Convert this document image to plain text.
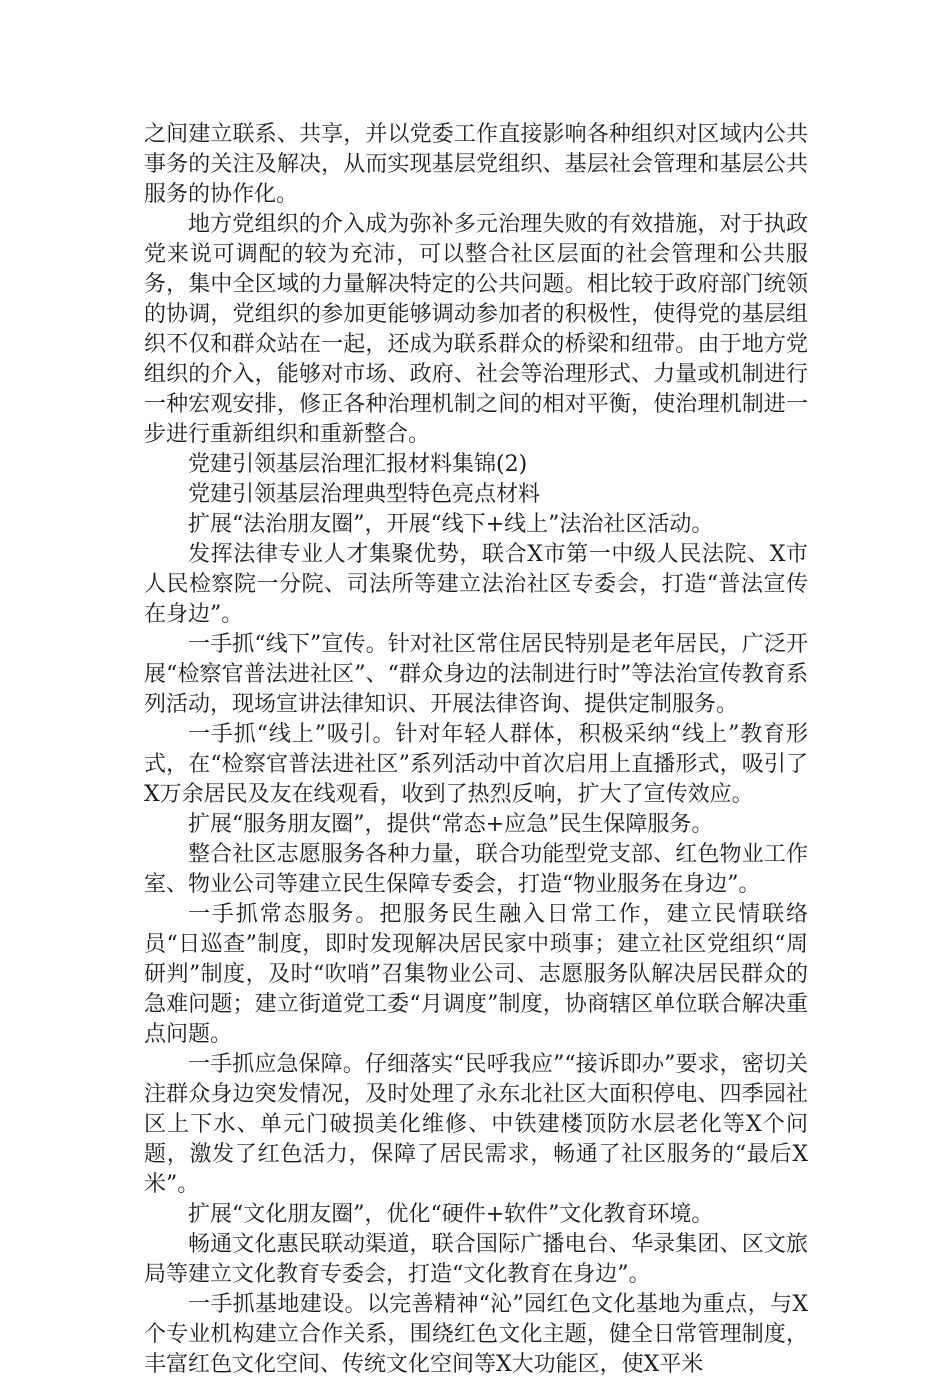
之间建立联系、共享，并以党委工作直接影响各种组织对区域内公共事务的关注及解决，从而实现基层党组织、基层社会管理和基层公共服务的协作化。

地方党组织的介入成为弥补多元治理失败的有效措施，对于执政党来说可调配的较为充沛，可以整合社区层面的社会管理和公共服务，集中全区域的力量解决特定的公共问题。相比较于政府部门统领的协调，党组织的参加更能够调动参加者的积极性，使得党的基层组织不仅和群众站在一起，还成为联系群众的桥梁和纽带。由于地方党组织的介入，能够对市场、政府、社会等治理形式、力量或机制进行一种宏观安排，修正各种治理机制之间的相对平衡，使治理机制进一步进行重新组织和重新整合。

党建引领基层治理汇报材料集锦(2)

党建引领基层治理典型特色亮点材料

扩展“法治朋友圈”，开展“线下+线上”法治社区活动。

发挥法律专业人才集聚优势，联合X市第一中级人民法院、X市人民检察院一分院、司法所等建立法治社区专委会，打造“普法宣传在身边”。

一手抓“线下”宣传。针对社区常住居民特别是老年居民，广泛开展“检察官普法进社区”、“群众身边的法制进行时”等法治宣传教育系列活动，现场宣讲法律知识、开展法律咨询、提供定制服务。

一手抓“线上”吸引。针对年轻人群体，积极采纳“线上”教育形式，在“检察官普法进社区”系列活动中首次启用上直播形式，吸引了X万余居民及友在线观看，收到了热烈反响，扩大了宣传效应。

扩展“服务朋友圈”，提供“常态+应急”民生保障服务。

整合社区志愿服务各种力量，联合功能型党支部、红色物业工作室、物业公司等建立民生保障专委会，打造“物业服务在身边”。

一手抓常态服务。把服务民生融入日常工作，建立民情联络员“日巡查”制度，即时发现解决居民家中琐事；建立社区党组织“周研判”制度，及时“吹哨”召集物业公司、志愿服务队解决居民群众的急难问题；建立街道党工委“月调度”制度，协商辖区单位联合解决重点问题。

一手抓应急保障。仔细落实“民呼我应”“接诉即办”要求，密切关注群众身边突发情况，及时处理了永东北社区大面积停电、四季园社区上下水、单元门破损美化维修、中铁建楼顶防水层老化等X个问题，激发了红色活力，保障了居民需求，畅通了社区服务的“最后X米”。

扩展“文化朋友圈”，优化“硬件+软件”文化教育环境。

畅通文化惠民联动渠道，联合国际广播电台、华录集团、区文旅局等建立文化教育专委会，打造“文化教育在身边”。

一手抓基地建设。以完善精神“沁”园红色文化基地为重点，与X个专业机构建立合作关系，围绕红色文化主题，健全日常管理制度，丰富红色文化空间、传统文化空间等X大功能区，使X平米
